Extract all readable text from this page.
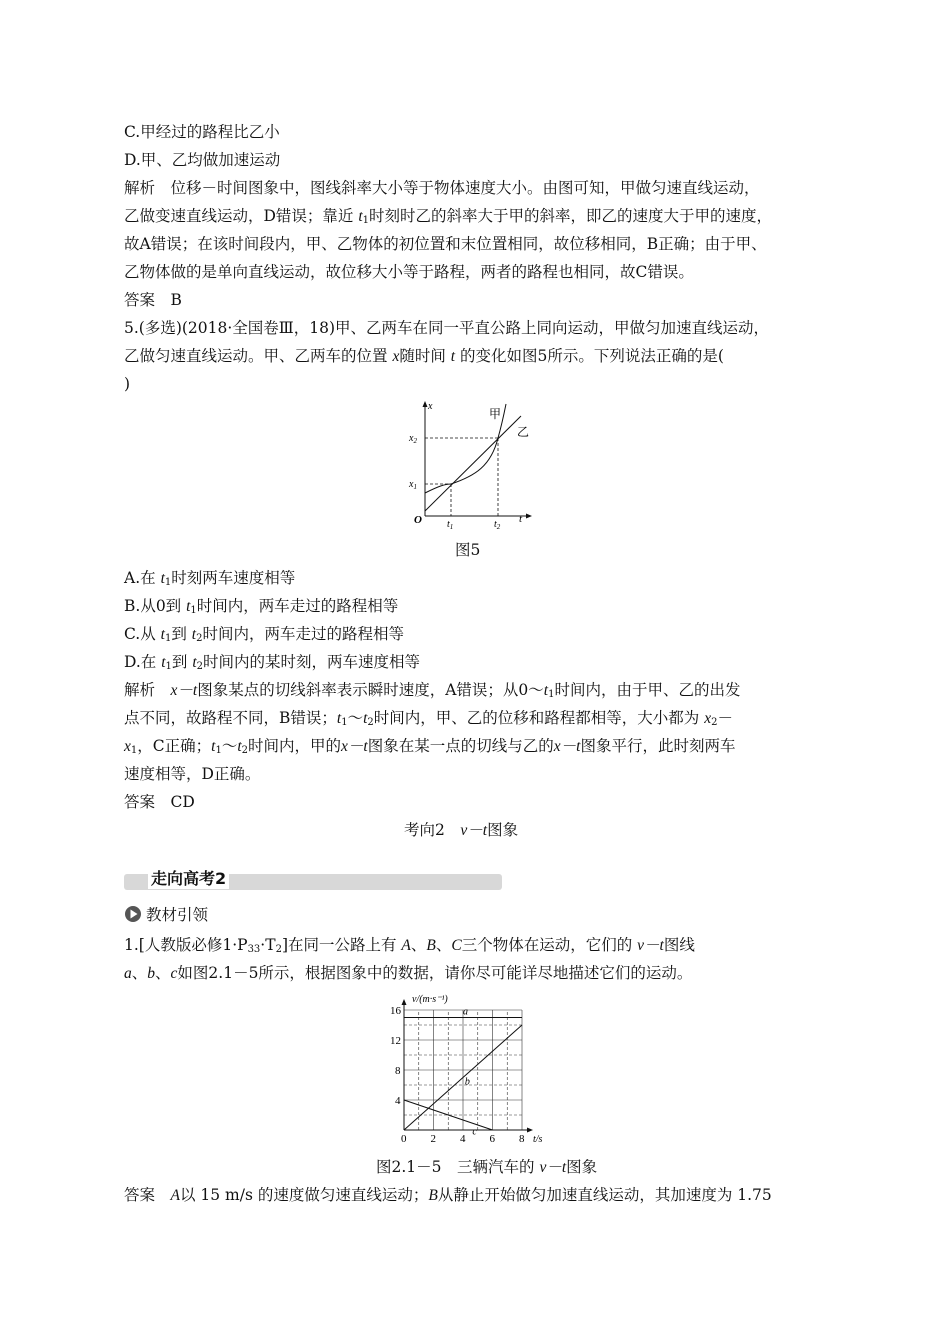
C.甲经过的路程比乙小
D.甲、乙均做加速运动
解析　位移－时间图象中，图线斜率大小等于物体速度大小。由图可知，甲做匀速直线运动，
乙做变速直线运动，D错误；靠近 $t_1$时刻时乙的斜率大于甲的斜率，即乙的速度大于甲的速度，
故A错误；在该时间段内，甲、乙物体的初位置和末位置相同，故位移相同，B正确；由于甲、
乙物体做的是单向直线运动，故位移大小等于路程，两者的路程也相同，故C错误。
答案　B
5.(多选)(2018·全国卷Ⅲ，18)甲、乙两车在同一平直公路上同向运动，甲做匀加速直线运动，
乙做匀速直线运动。甲、乙两车的位置 x随时间 t 的变化如图5所示。下列说法正确的是(
)
x
t
O
$x_1$
$x_2$
$t_1$	$t_2$
甲
乙
图5
A.在 $t_1$时刻两车速度相等
B.从0到 $t_1$时间内，两车走过的路程相等
C.从 $t_1$到 $t_2$时间内，两车走过的路程相等
D.在 $t_1$到 $t_2$时间内的某时刻，两车速度相等
解析　x－t图象某点的切线斜率表示瞬时速度，A错误；从$0\sim t_1$时间内，由于甲、乙的出发
点不同，故路程不同，B错误；$t_1\sim t_2$时间内，甲、乙的位移和路程都相等，大小都为 $x_2-$
$x_1$，C正确；$t_1\sim t_2$时间内，甲的x－t图象在某一点的切线与乙的x－t图象平行，此时刻两车
速度相等，D正确。
答案　CD
考向2　v－t图象
走向高考2
教材引领
1.[人教版必修$1\cdot P_{33}\cdot T_2$]在同一公路上有 A、B、C三个物体在运动，它们的 v－t图线
a、b、c如图2.1－5所示，根据图象中的数据，请你尽可能详尽地描述它们的运动。
a
b
c
0 2 4 6 8
4
8
12
16
v/(m·s⁻¹)
t/s
图2.1－5　三辆汽车的 v－t图象
答案　A以 15 m/s 的速度做匀速直线运动；B从静止开始做匀加速直线运动，其加速度为 1.75
